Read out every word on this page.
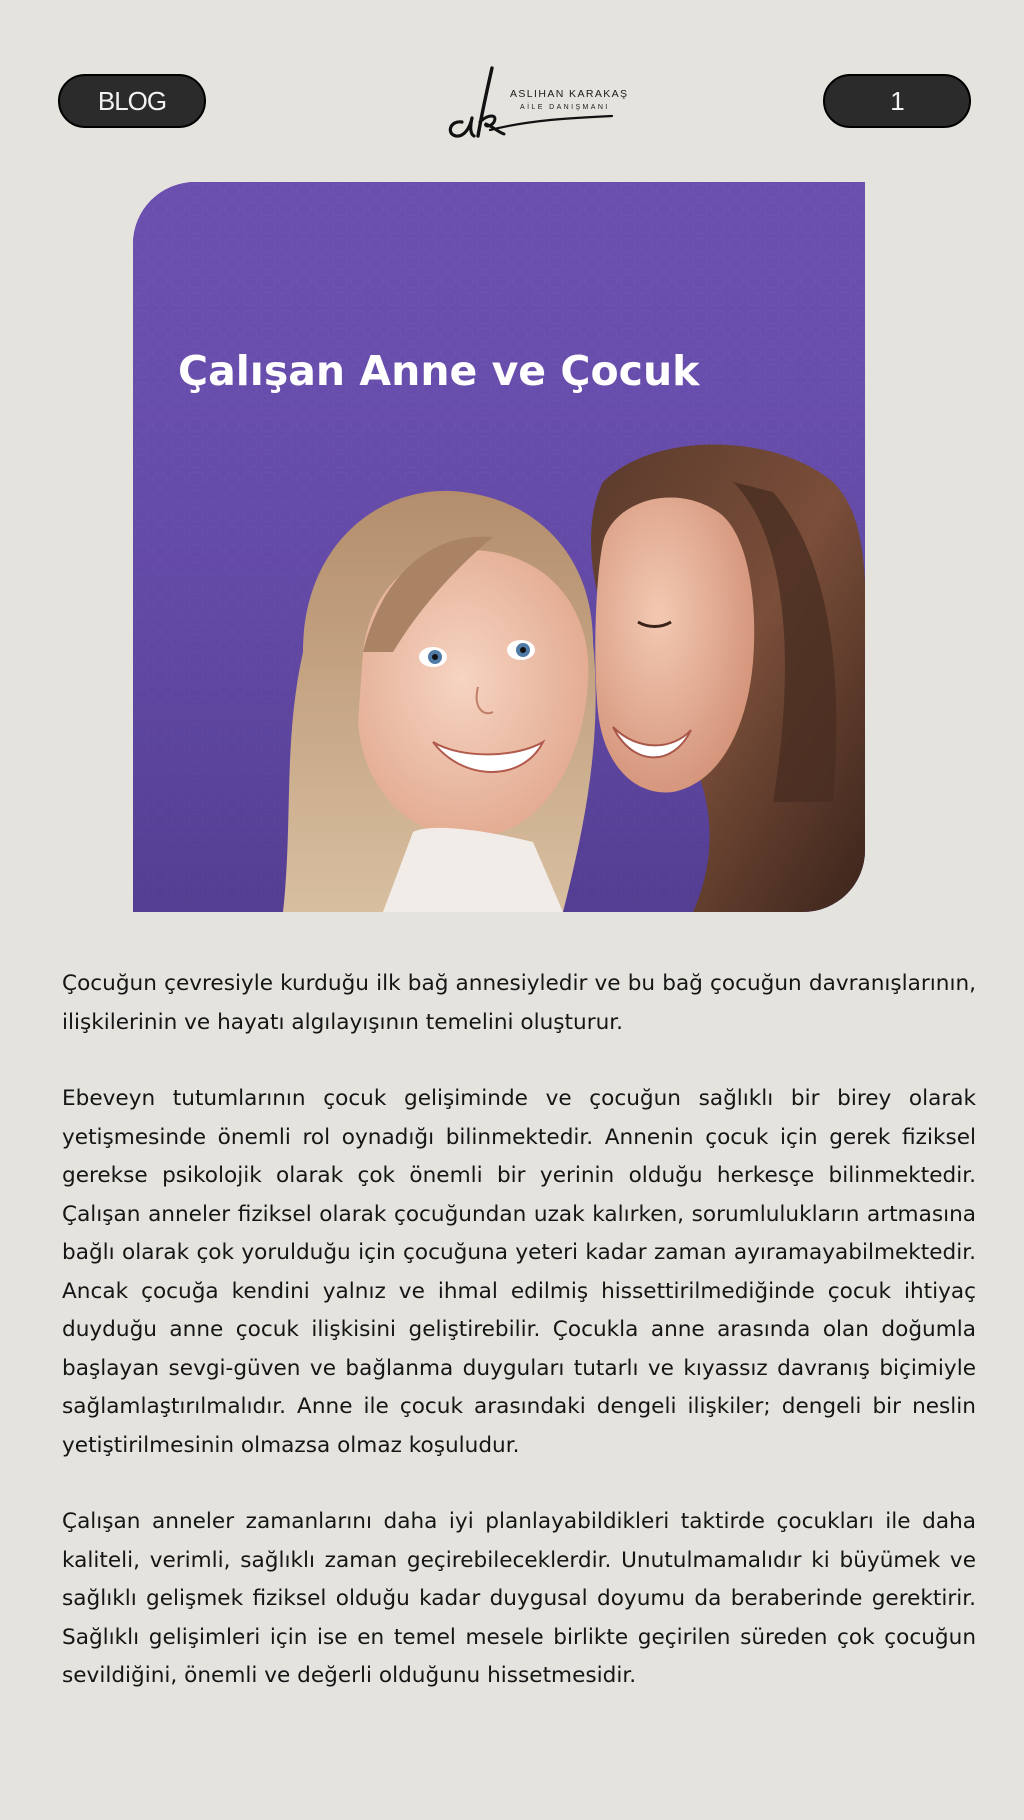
BLOG	ASLIHAN KARAKAŞ
AİLE DANIŞMANI	1
Çalışan Anne ve Çocuk

Çocuğun çevresiyle kurduğu ilk bağ annesiyledir ve bu bağ çocuğun davranışlarının, ilişkilerinin ve hayatı algılayışının temelini oluşturur.

Ebeveyn tutumlarının çocuk gelişiminde ve çocuğun sağlıklı bir birey olarak yetişmesinde önemli rol oynadığı bilinmektedir. Annenin çocuk için gerek fiziksel gerekse psikolojik olarak çok önemli bir yerinin olduğu herkesçe bilinmektedir. Çalışan anneler fiziksel olarak çocuğundan uzak kalırken, sorumlulukların artmasına bağlı olarak çok yorulduğu için çocuğuna yeteri kadar zaman ayıramayabilmektedir. Ancak çocuğa kendini yalnız ve ihmal edilmiş hissettirilmediğinde çocuk ihtiyaç duyduğu anne çocuk ilişkisini geliştirebilir. Çocukla anne arasında olan doğumla başlayan sevgi-güven ve bağlanma duyguları tutarlı ve kıyassız davranış biçimiyle sağlamlaştırılmalıdır. Anne ile çocuk arasındaki dengeli ilişkiler; dengeli bir neslin yetiştirilmesinin olmazsa olmaz koşuludur.

Çalışan anneler zamanlarını daha iyi planlayabildikleri taktirde çocukları ile daha kaliteli, verimli, sağlıklı zaman geçirebileceklerdir. Unutulmamalıdır ki büyümek ve sağlıklı gelişmek fiziksel olduğu kadar duygusal doyumu da beraberinde gerektirir. Sağlıklı gelişimleri için ise en temel mesele birlikte geçirilen süreden çok çocuğun sevildiğini, önemli ve değerli olduğunu hissetmesidir.
